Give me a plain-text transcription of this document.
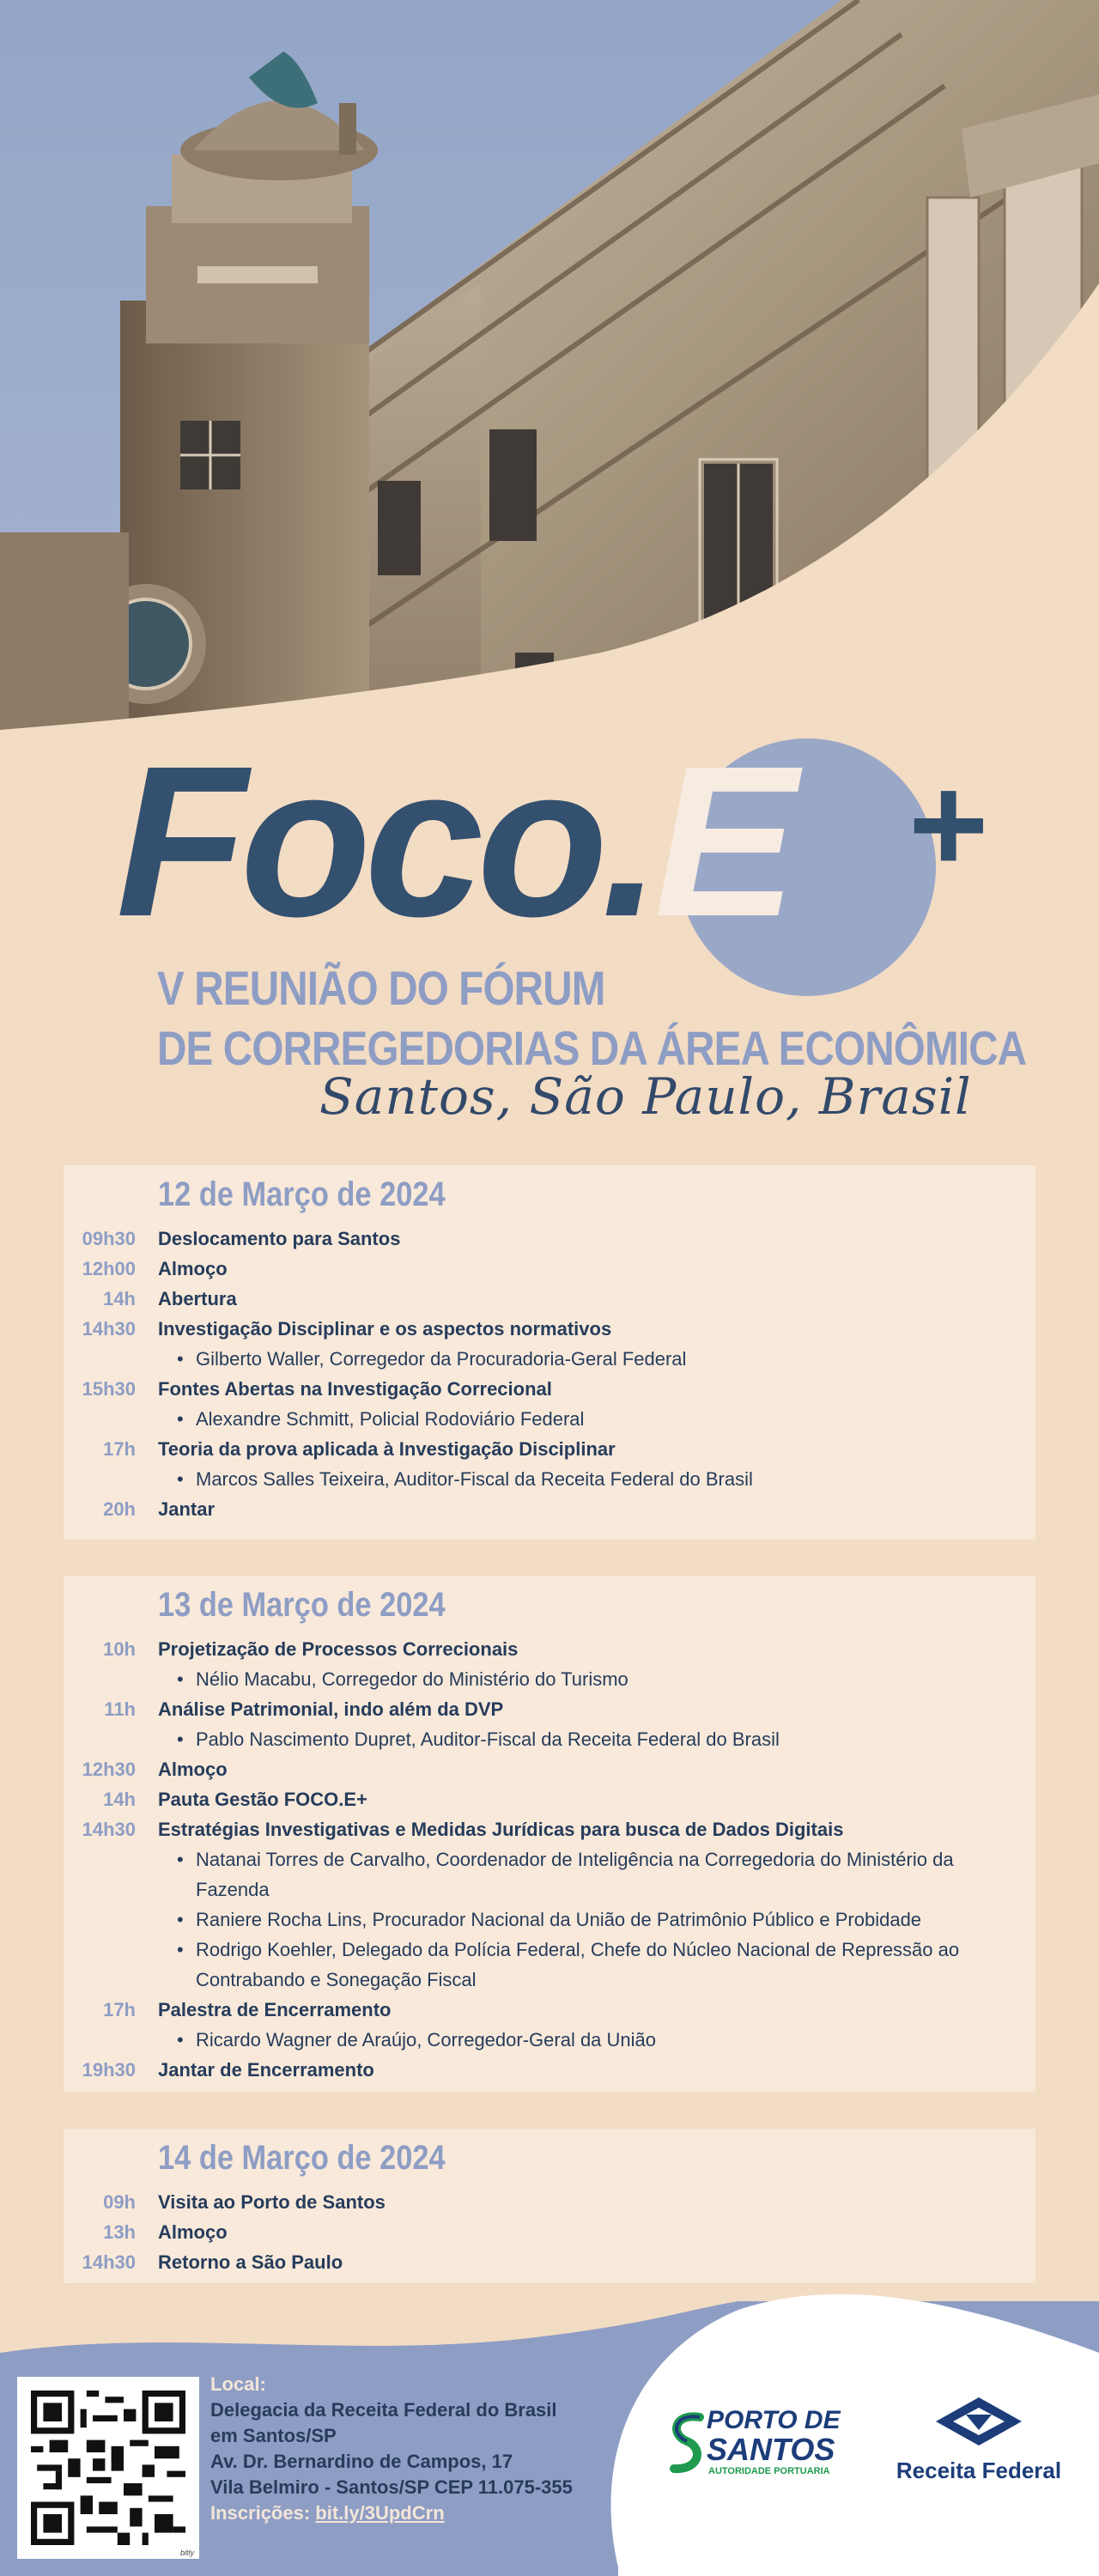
Foco.E +
V REUNIÃO DO FÓRUM
DE CORREGEDORIAS DA ÁREA ECONÔMICA
Santos, São Paulo, Brasil
12 de Março de 2024
09h30 Deslocamento para Santos
12h00 Almoço
14h Abertura
14h30 Investigação Disciplinar e os aspectos normativos
• Gilberto Waller, Corregedor da Procuradoria-Geral Federal
15h30 Fontes Abertas na Investigação Correcional
• Alexandre Schmitt, Policial Rodoviário Federal
17h Teoria da prova aplicada à Investigação Disciplinar
• Marcos Salles Teixeira, Auditor-Fiscal da Receita Federal do Brasil
20h Jantar
13 de Março de 2024
10h Projetização de Processos Correcionais
• Nélio Macabu, Corregedor do Ministério do Turismo
11h Análise Patrimonial, indo além da DVP
• Pablo Nascimento Dupret, Auditor-Fiscal da Receita Federal do Brasil
12h30 Almoço
14h Pauta Gestão FOCO.E+
14h30 Estratégias Investigativas e Medidas Jurídicas para busca de Dados Digitais
• Natanai Torres de Carvalho, Coordenador de Inteligência na Corregedoria do Ministério da Fazenda
• Raniere Rocha Lins, Procurador Nacional da União de Patrimônio Público e Probidade
• Rodrigo Koehler, Delegado da Polícia Federal, Chefe do Núcleo Nacional de Repressão ao Contrabando e Sonegação Fiscal
17h Palestra de Encerramento
• Ricardo Wagner de Araújo, Corregedor-Geral da União
19h30 Jantar de Encerramento
14 de Março de 2024
09h Visita ao Porto de Santos
13h Almoço
14h30 Retorno a São Paulo
bitly
Local:
Delegacia da Receita Federal do Brasil
em Santos/SP
Av. Dr. Bernardino de Campos, 17
Vila Belmiro - Santos/SP CEP 11.075-355
Inscrições: bit.ly/3UpdCrn
PORTO DE
SANTOS
AUTORIDADE PORTUARIA	Receita Federal
